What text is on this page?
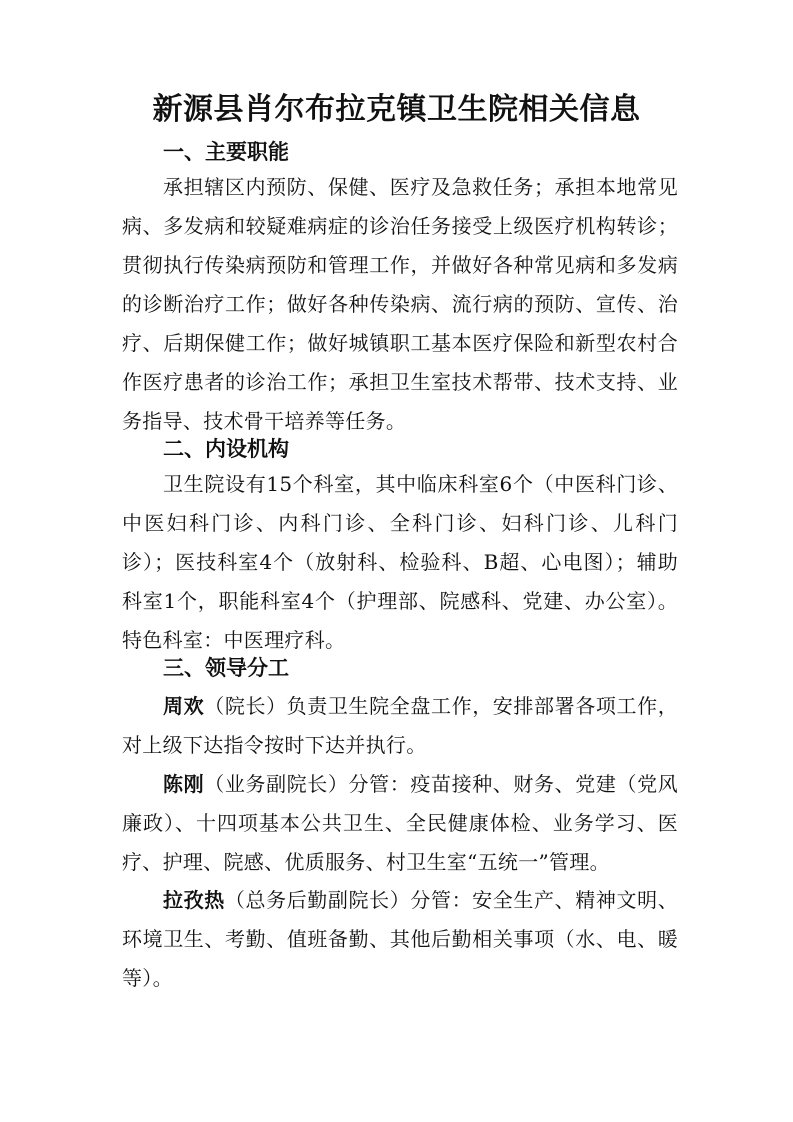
新源县肖尔布拉克镇卫生院相关信息
一、主要职能
承担辖区内预防、保健、医疗及急救任务；承担本地常见病、多发病和较疑难病症的诊治任务接受上级医疗机构转诊；贯彻执行传染病预防和管理工作，并做好各种常见病和多发病的诊断治疗工作；做好各种传染病、流行病的预防、宣传、治疗、后期保健工作；做好城镇职工基本医疗保险和新型农村合作医疗患者的诊治工作；承担卫生室技术帮带、技术支持、业务指导、技术骨干培养等任务。
二、内设机构
卫生院设有15个科室，其中临床科室6个（中医科门诊、中医妇科门诊、内科门诊、全科门诊、妇科门诊、儿科门诊）；医技科室4个（放射科、检验科、B超、心电图）；辅助科室1个，职能科室4个（护理部、院感科、党建、办公室）。特色科室：中医理疗科。
三、领导分工
周欢（院长）负责卫生院全盘工作，安排部署各项工作，对上级下达指令按时下达并执行。
陈刚（业务副院长）分管：疫苗接种、财务、党建（党风廉政）、十四项基本公共卫生、全民健康体检、业务学习、医疗、护理、院感、优质服务、村卫生室“五统一”管理。
拉孜热（总务后勤副院长）分管：安全生产、精神文明、环境卫生、考勤、值班备勤、其他后勤相关事项（水、电、暖等）。
